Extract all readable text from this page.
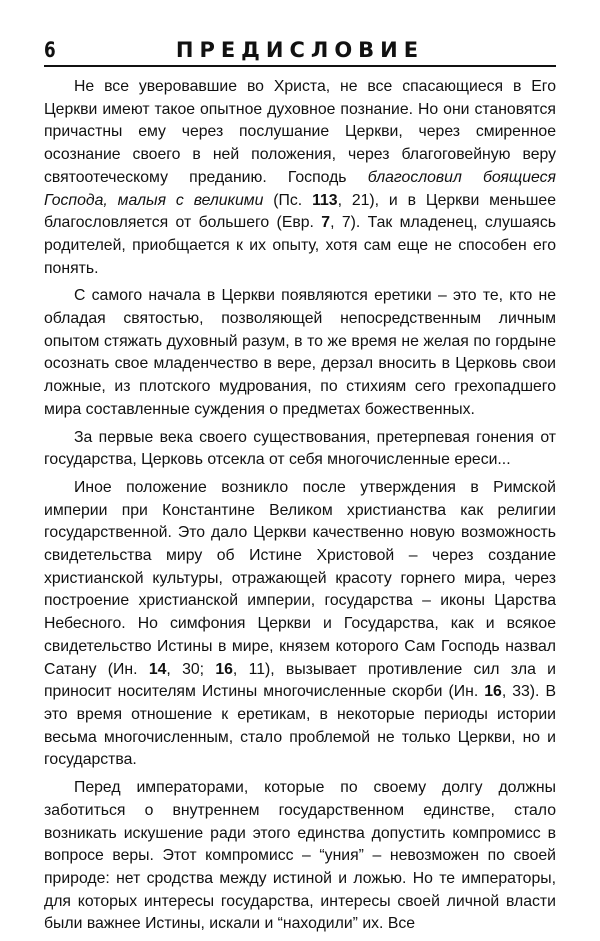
6	ПРЕДИСЛОВИЕ

Не все уверовавшие во Христа, не все спасающиеся в Его Церкви имеют такое опытное духовное познание. Но они становятся причастны ему через послушание Церкви, через смиренное осознание своего в ней положения, через благоговейную веру святоотеческому преданию. Господь благословил боящиеся Господа, малыя с великими (Пс. 113, 21), и в Церкви меньшее благословляется от большего (Евр. 7, 7). Так младенец, слушаясь родителей, приобщается к их опыту, хотя сам еще не способен его понять.

С самого начала в Церкви появляются еретики – это те, кто не обладая святостью, позволяющей непосредственным личным опытом стяжать духовный разум, в то же время не желая по гордыне осознать свое младенчество в вере, дерзал вносить в Церковь свои ложные, из плотского мудрования, по стихиям сего грехопадшего мира составленные суждения о предметах божественных.

За первые века своего существования, претерпевая гонения от государства, Церковь отсекла от себя многочисленные ереси...

Иное положение возникло после утверждения в Римской империи при Константине Великом христианства как религии государственной. Это дало Церкви качественно новую возможность свидетельства миру об Истине Христовой – через создание христианской культуры, отражающей красоту горнего мира, через построение христианской империи, государства – иконы Царства Небесного. Но симфония Церкви и Государства, как и всякое свидетельство Истины в мире, князем которого Сам Господь назвал Сатану (Ин. 14, 30; 16, 11), вызывает противление сил зла и приносит носителям Истины многочисленные скорби (Ин. 16, 33). В это время отношение к еретикам, в некоторые периоды истории весьма многочисленным, стало проблемой не только Церкви, но и государства.

Перед императорами, которые по своему долгу должны заботиться о внутреннем государственном единстве, стало возникать искушение ради этого единства допустить компромисс в вопросе веры. Этот компромисс – “уния” – невозможен по своей природе: нет сродства между истиной и ложью. Но те императоры, для которых интересы государства, интересы своей личной власти были важнее Истины, искали и “находили” их. Все
